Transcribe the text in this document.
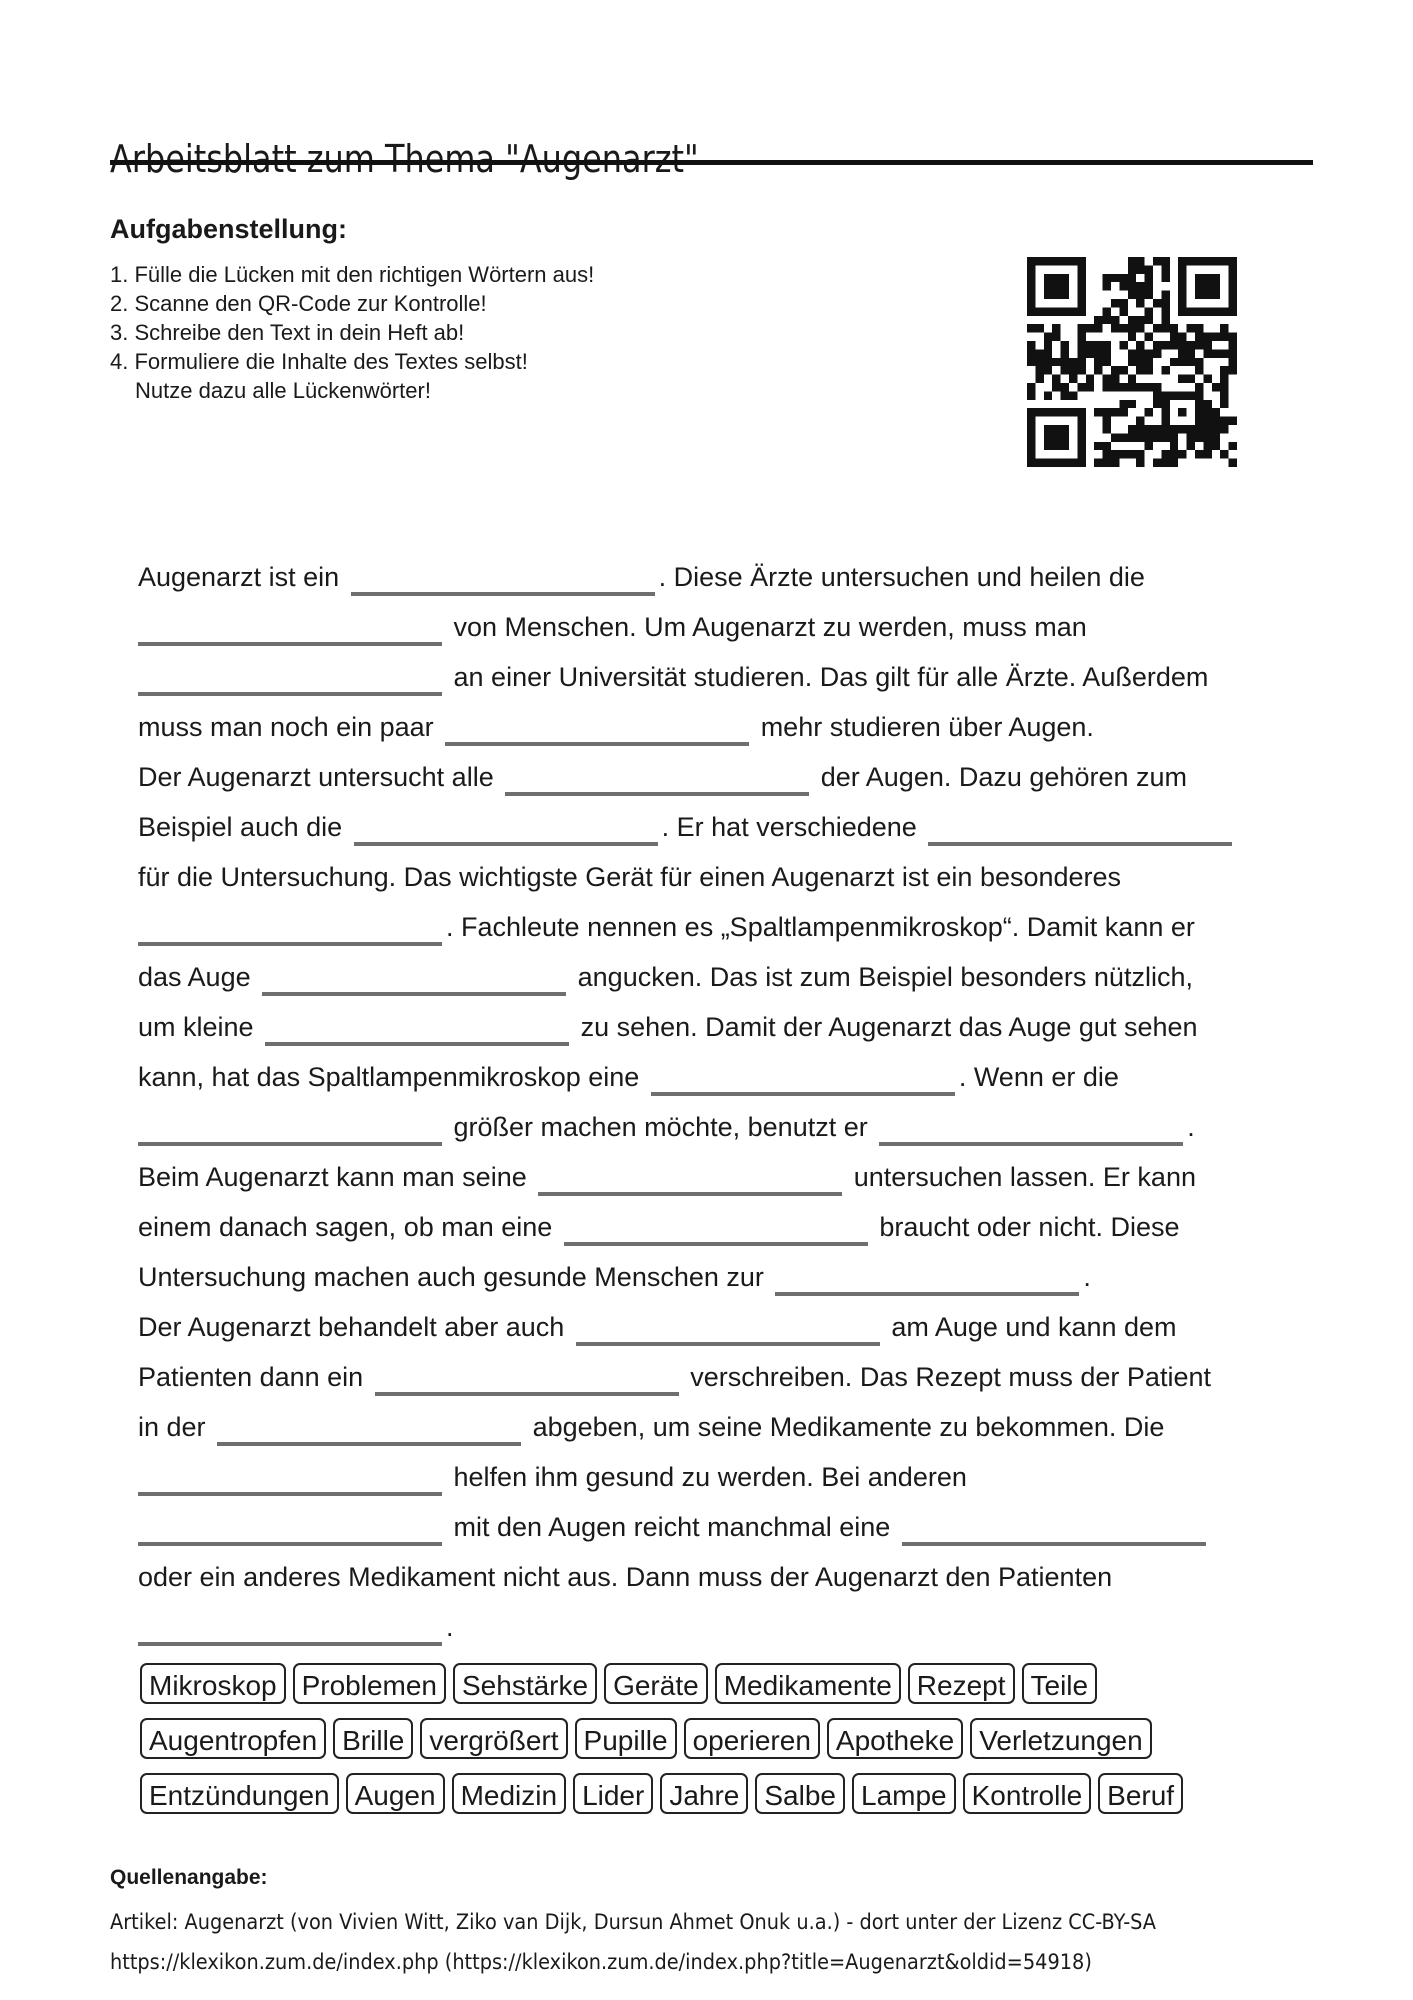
Aufgabenstellung:
1. Fülle die Lücken mit den richtigen Wörtern aus!
2. Scanne den QR-Code zur Kontrolle!
3. Schreibe den Text in dein Heft ab!
4. Formuliere die Inhalte des Textes selbst!
Nutze dazu alle Lückenwörter!
Augenarzt ist ein	. Diese Ärzte untersuchen und heilen die
von Menschen. Um Augenarzt zu werden, muss man
an einer Universität studieren. Das gilt für alle Ärzte. Außerdem
muss man noch ein paar	mehr studieren über Augen.
Der Augenarzt untersucht alle	der Augen. Dazu gehören zum
Beispiel auch die	. Er hat verschiedene
für die Untersuchung. Das wichtigste Gerät für einen Augenarzt ist ein besonderes
. Fachleute nennen es „Spaltlampenmikroskop“. Damit kann er
das Auge	angucken. Das ist zum Beispiel besonders nützlich,
um kleine	zu sehen. Damit der Augenarzt das Auge gut sehen
kann, hat das Spaltlampenmikroskop eine	. Wenn er die
größer machen möchte, benutzt er	.
Beim Augenarzt kann man seine	untersuchen lassen. Er kann
einem danach sagen, ob man eine	braucht oder nicht. Diese
Untersuchung machen auch gesunde Menschen zur	.
Der Augenarzt behandelt aber auch	am Auge und kann dem
Patienten dann ein	verschreiben. Das Rezept muss der Patient
in der	abgeben, um seine Medikamente zu bekommen. Die
helfen ihm gesund zu werden. Bei anderen
mit den Augen reicht manchmal eine
oder ein anderes Medikament nicht aus. Dann muss der Augenarzt den Patienten
.
Mikroskop Problemen Sehstärke Geräte Medikamente Rezept Teile
Augentropfen Brille vergrößert Pupille operieren Apotheke Verletzungen
Entzündungen Augen Medizin Lider Jahre Salbe Lampe Kontrolle Beruf
Quellenangabe:
Artikel: Augenarzt (von Vivien Witt, Ziko van Dijk, Dursun Ahmet Onuk u.a.) - dort unter der Lizenz CC-BY-SA
https://klexikon.zum.de/index.php (https://klexikon.zum.de/index.php?title=Augenarzt&oldid=54918)
